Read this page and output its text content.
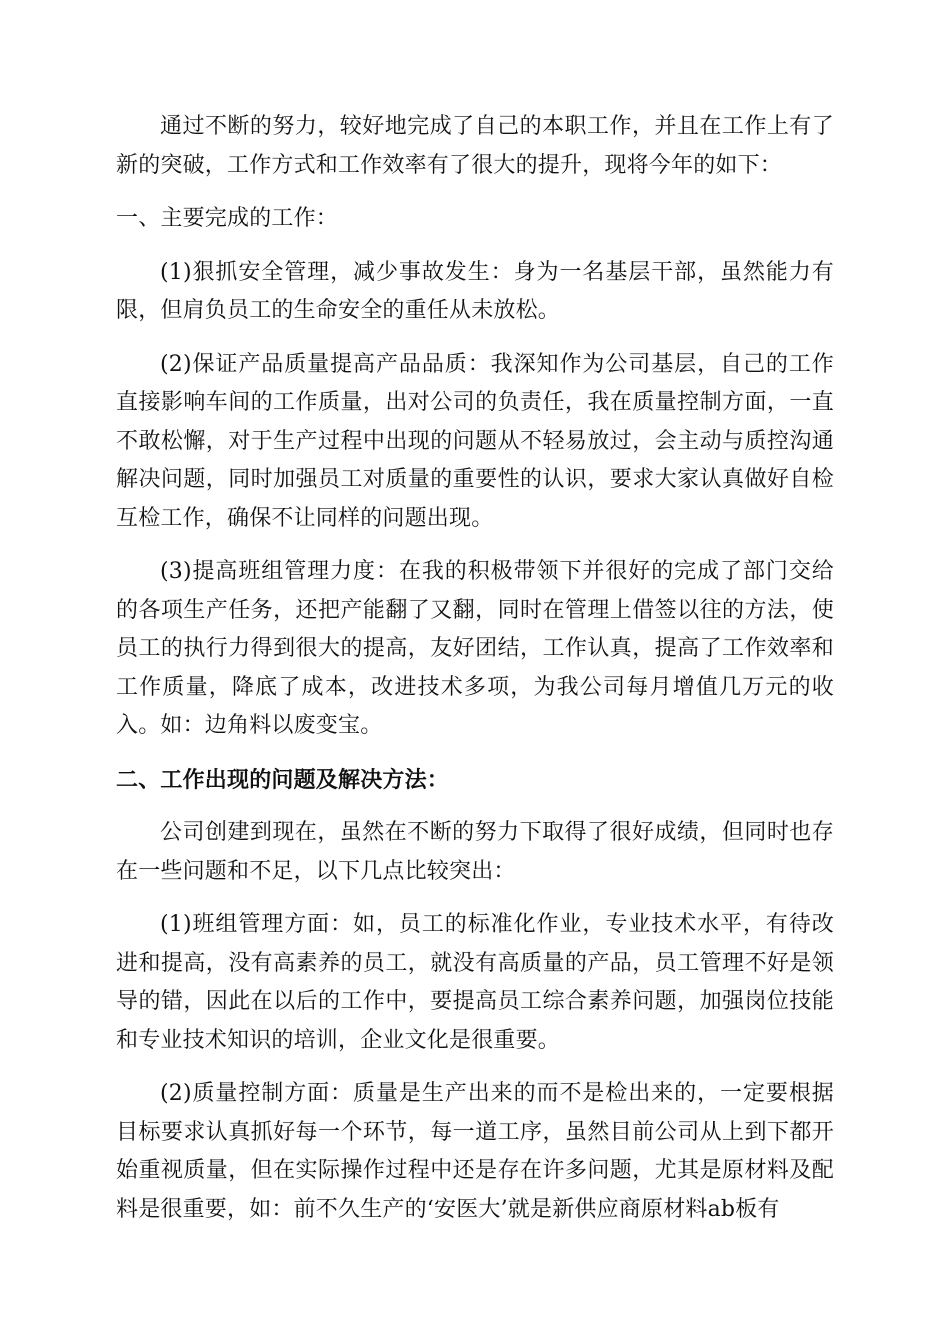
通过不断的努力，较好地完成了自己的本职工作，并且在工作上有了新的突破，工作方式和工作效率有了很大的提升，现将今年的如下：

一、主要完成的工作：

(1)狠抓安全管理，减少事故发生：身为一名基层干部，虽然能力有限，但肩负员工的生命安全的重任从未放松。

(2)保证产品质量提高产品品质：我深知作为公司基层，自己的工作直接影响车间的工作质量，出对公司的负责任，我在质量控制方面，一直不敢松懈，对于生产过程中出现的问题从不轻易放过，会主动与质控沟通解决问题，同时加强员工对质量的重要性的认识，要求大家认真做好自检互检工作，确保不让同样的问题出现。

(3)提高班组管理力度：在我的积极带领下并很好的完成了部门交给的各项生产任务，还把产能翻了又翻，同时在管理上借签以往的方法，使员工的执行力得到很大的提高，友好团结，工作认真，提高了工作效率和工作质量，降底了成本，改进技术多项，为我公司每月增值几万元的收入。如：边角料以废变宝。

二、工作出现的问题及解决方法：

公司创建到现在，虽然在不断的努力下取得了很好成绩，但同时也存在一些问题和不足，以下几点比较突出：

(1)班组管理方面：如，员工的标准化作业，专业技术水平，有待改进和提高，没有高素养的员工，就没有高质量的产品，员工管理不好是领导的错，因此在以后的工作中，要提高员工综合素养问题，加强岗位技能和专业技术知识的培训，企业文化是很重要。

(2)质量控制方面：质量是生产出来的而不是检出来的，一定要根据目标要求认真抓好每一个环节，每一道工序，虽然目前公司从上到下都开始重视质量，但在实际操作过程中还是存在许多问题，尤其是原材料及配料是很重要，如：前不久生产的‘安医大’就是新供应商原材料ab板有
